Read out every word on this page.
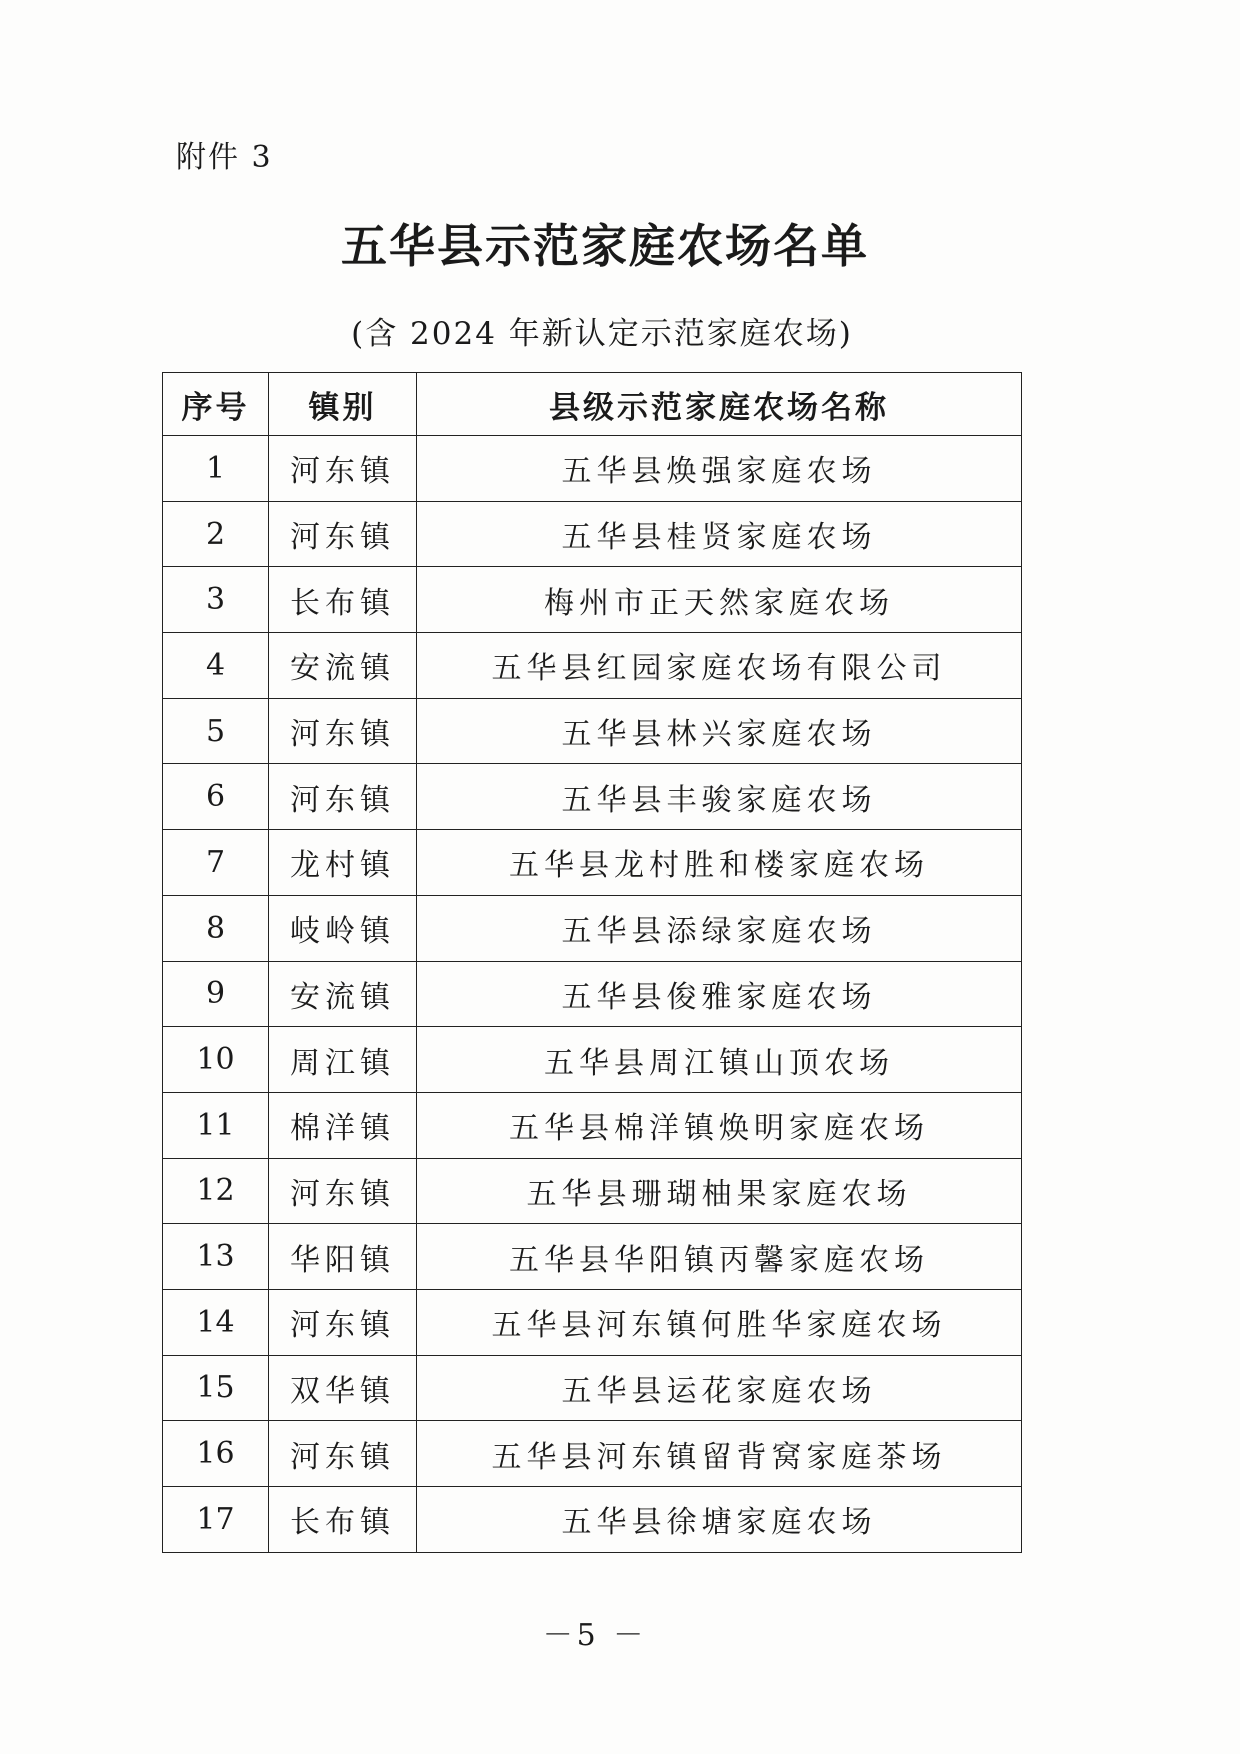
附件 3
五华县示范家庭农场名单
(含 2024 年新认定示范家庭农场)
序号	镇别	县级示范家庭农场名称
1	河东镇	五华县焕强家庭农场
2	河东镇	五华县桂贤家庭农场
3	长布镇	梅州市正天然家庭农场
4	安流镇	五华县红园家庭农场有限公司
5	河东镇	五华县林兴家庭农场
6	河东镇	五华县丰骏家庭农场
7	龙村镇	五华县龙村胜和楼家庭农场
8	岐岭镇	五华县添绿家庭农场
9	安流镇	五华县俊雅家庭农场
10	周江镇	五华县周江镇山顶农场
11	棉洋镇	五华县棉洋镇焕明家庭农场
12	河东镇	五华县珊瑚柚果家庭农场
13	华阳镇	五华县华阳镇丙馨家庭农场
14	河东镇	五华县河东镇何胜华家庭农场
15	双华镇	五华县运花家庭农场
16	河东镇	五华县河东镇留背窝家庭茶场
17	长布镇	五华县徐塘家庭农场
－5 －
